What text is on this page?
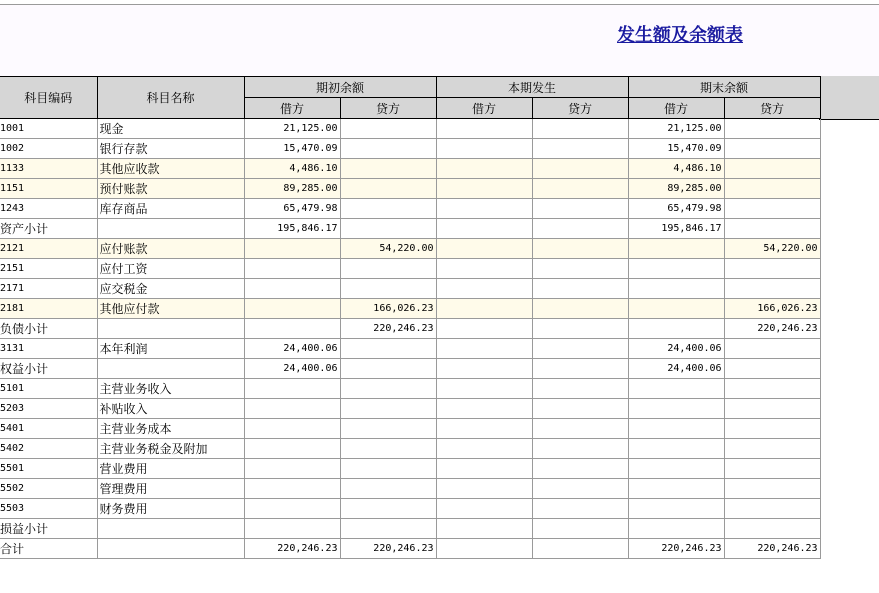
发生额及余额表
科目编码	科目名称	期初余额		本期发生		期末余额	
		借方	贷方	借方	贷方	借方	贷方
1001	现金	21,125.00				21,125.00	
1002	银行存款	15,470.09				15,470.09	
1133	其他应收款	4,486.10				4,486.10	
1151	预付账款	89,285.00				89,285.00	
1243	库存商品	65,479.98				65,479.98	
资产小计		195,846.17				195,846.17	
2121	应付账款		54,220.00				54,220.00
2151	应付工资						
2171	应交税金						
2181	其他应付款		166,026.23				166,026.23
负债小计			220,246.23				220,246.23
3131	本年利润	24,400.06				24,400.06	
权益小计		24,400.06				24,400.06	
5101	主营业务收入						
5203	补贴收入						
5401	主营业务成本						
5402	主营业务税金及附加						
5501	营业费用						
5502	管理费用						
5503	财务费用						
损益小计							
合计		220,246.23	220,246.23			220,246.23	220,246.23
